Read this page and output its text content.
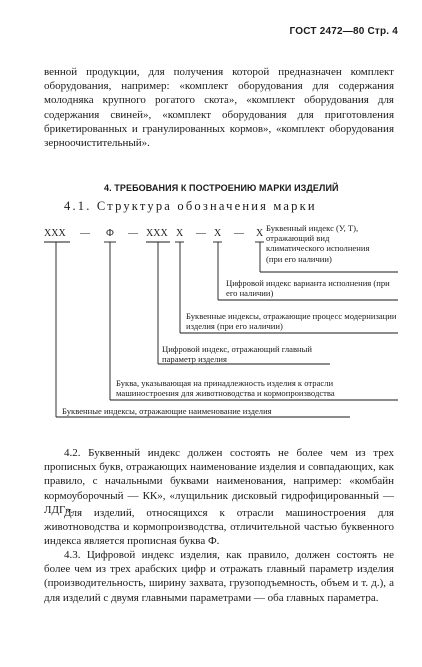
ГОСТ 2472—80 Стр. 4

венной продукции, для получения которой предназначен комплект оборудования, например: «комплект оборудования для содержания молодняка крупного рогатого скота», «комплект оборудования для содержания свиней», «комплект оборудования для приготовления брикетированных и гранулированных кормов», «комплект оборудования зерноочистительный».

4. ТРЕБОВАНИЯ К ПОСТРОЕНИЮ МАРКИ ИЗДЕЛИЙ
4.1. Структура обозначения марки
XXX — Ф — XXX X — X — X Буквенный индекс (У, Т), отражающий вид климатического исполнения (при его наличии)
Цифровой индекс варианта исполнения (при его наличии)
Буквенные индексы, отражающие процесс модернизации изделия (при его наличии)
Цифровой индекс, отражающий главный параметр изделия
Буква, указывающая на принадлежность изделия к отрасли машиностроения для животноводства и кормопроизводства
Буквенные индексы, отражающие наименование изделия

4.2. Буквенный индекс должен состоять не более чем из трех прописных букв, отражающих наименование изделия и совпадающих, как правило, с начальными буквами наименования, например: «комбайн кормоуборочный — КК», «лущильник дисковый гидрофицированный — ЛДГ».

Для изделий, относящихся к отрасли машиностроения для животноводства и кормопроизводства, отличительной частью буквенного индекса является прописная буква Ф.

4.3. Цифровой индекс изделия, как правило, должен состоять не более чем из трех арабских цифр и отражать главный параметр изделия (производительность, ширину захвата, грузоподъемность, объем и т. д.), а для изделий с двумя главными параметрами — оба главных параметра.
